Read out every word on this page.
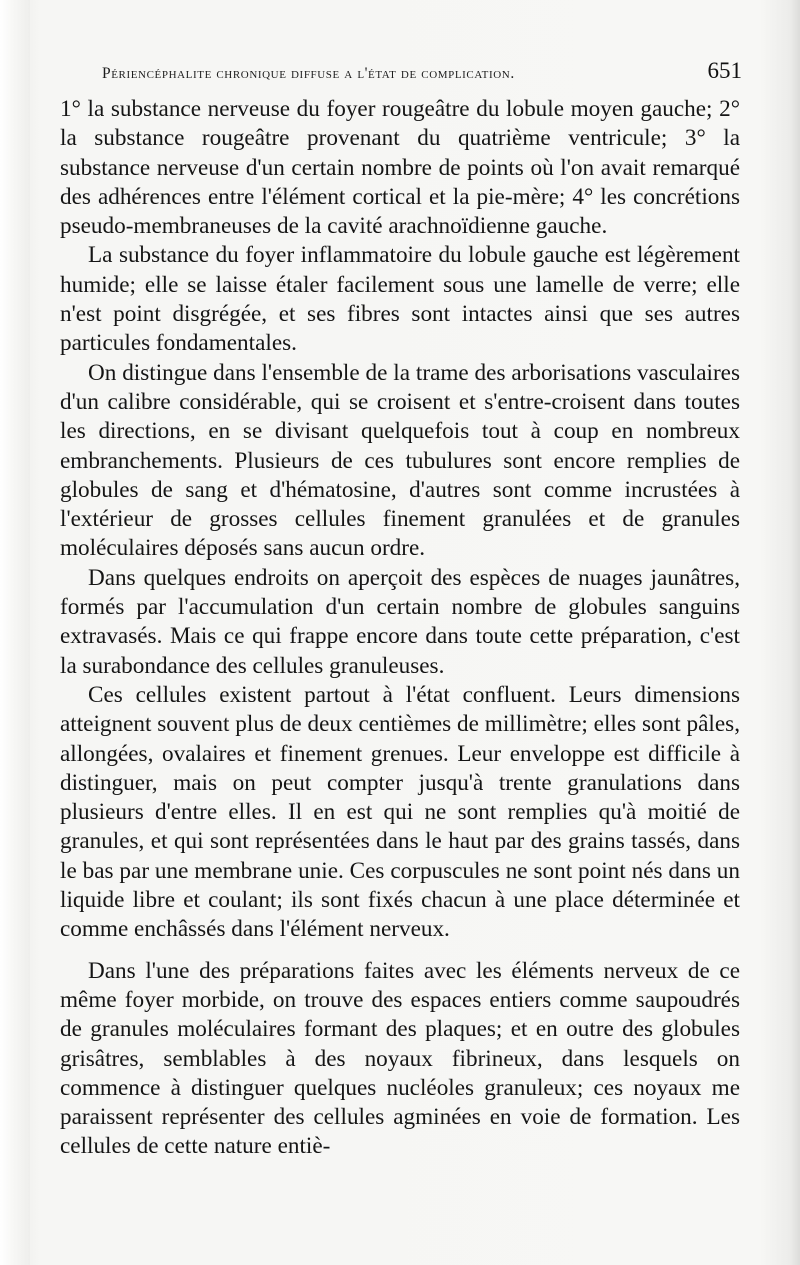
Périencéphalite chronique diffuse a l'état de complication.	651

1° la substance nerveuse du foyer rougeâtre du lobule moyen gauche; 2° la substance rougeâtre provenant du quatrième ventricule; 3° la substance nerveuse d'un certain nombre de points où l'on avait remarqué des adhérences entre l'élément cortical et la pie-mère; 4° les concrétions pseudo-membraneuses de la cavité arachnoïdienne gauche.

La substance du foyer inflammatoire du lobule gauche est légèrement humide; elle se laisse étaler facilement sous une lamelle de verre; elle n'est point disgrégée, et ses fibres sont intactes ainsi que ses autres particules fondamentales.

On distingue dans l'ensemble de la trame des arborisations vasculaires d'un calibre considérable, qui se croisent et s'entre-croisent dans toutes les directions, en se divisant quelquefois tout à coup en nombreux embranchements. Plusieurs de ces tubulures sont encore remplies de globules de sang et d'hématosine, d'autres sont comme incrustées à l'extérieur de grosses cellules finement granulées et de granules moléculaires déposés sans aucun ordre.

Dans quelques endroits on aperçoit des espèces de nuages jaunâtres, formés par l'accumulation d'un certain nombre de globules sanguins extravasés. Mais ce qui frappe encore dans toute cette préparation, c'est la surabondance des cellules granuleuses.

Ces cellules existent partout à l'état confluent. Leurs dimensions atteignent souvent plus de deux centièmes de millimètre; elles sont pâles, allongées, ovalaires et finement grenues. Leur enveloppe est difficile à distinguer, mais on peut compter jusqu'à trente granulations dans plusieurs d'entre elles. Il en est qui ne sont remplies qu'à moitié de granules, et qui sont représentées dans le haut par des grains tassés, dans le bas par une membrane unie. Ces corpuscules ne sont point nés dans un liquide libre et coulant; ils sont fixés chacun à une place déterminée et comme enchâssés dans l'élément nerveux.

Dans l'une des préparations faites avec les éléments nerveux de ce même foyer morbide, on trouve des espaces entiers comme saupoudrés de granules moléculaires formant des plaques; et en outre des globules grisâtres, semblables à des noyaux fibrineux, dans lesquels on commence à distinguer quelques nucléoles granuleux; ces noyaux me paraissent représenter des cellules agminées en voie de formation. Les cellules de cette nature entiè-
